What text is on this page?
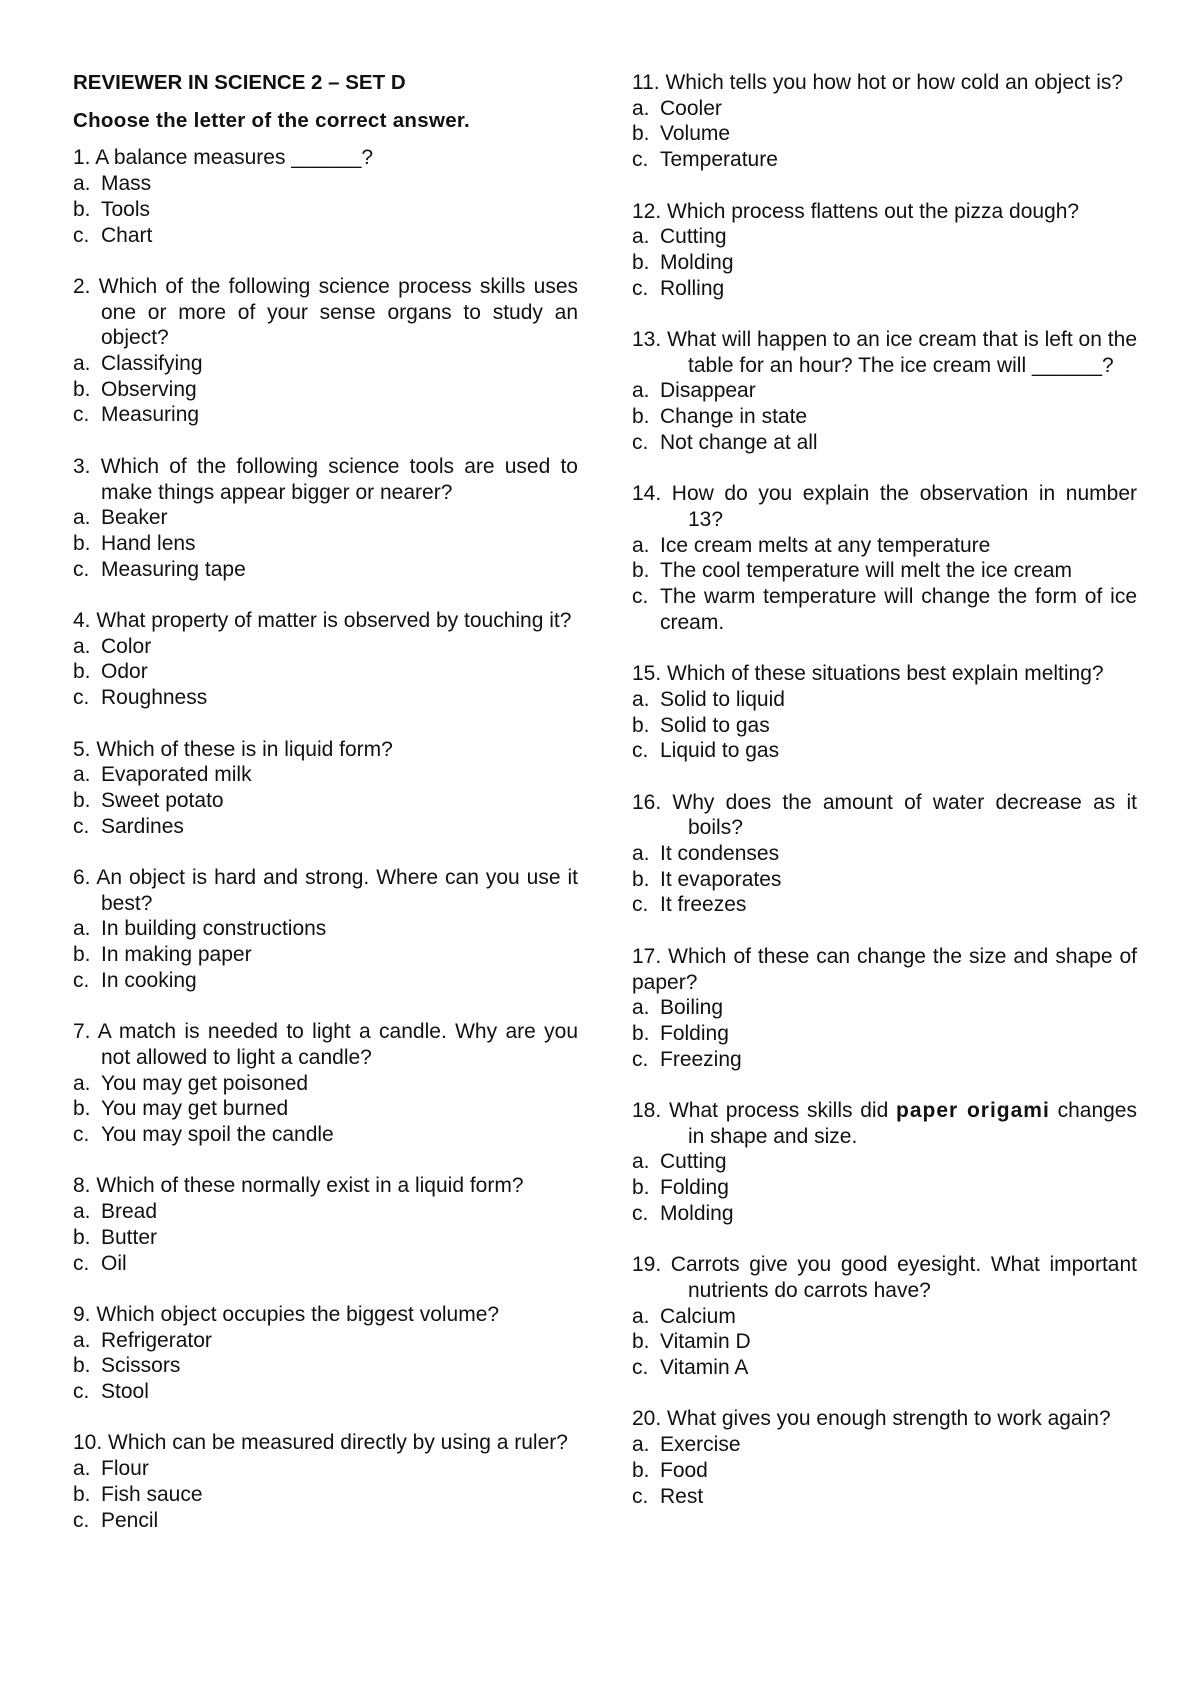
REVIEWER IN SCIENCE 2 – SET D
Choose the letter of the correct answer.
1. A balance measures ______?
a. Mass
b. Tools
c. Chart
2. Which of the following science process skills uses one or more of your sense organs to study an object?
a. Classifying
b. Observing
c. Measuring
3. Which of the following science tools are used to make things appear bigger or nearer?
a. Beaker
b. Hand lens
c. Measuring tape
4. What property of matter is observed by touching it?
a. Color
b. Odor
c. Roughness
5. Which of these is in liquid form?
a. Evaporated milk
b. Sweet potato
c. Sardines
6. An object is hard and strong. Where can you use it best?
a. In building constructions
b. In making paper
c. In cooking
7. A match is needed to light a candle. Why are you not allowed to light a candle?
a. You may get poisoned
b. You may get burned
c. You may spoil the candle
8. Which of these normally exist in a liquid form?
a. Bread
b. Butter
c. Oil
9. Which object occupies the biggest volume?
a. Refrigerator
b. Scissors
c. Stool
10. Which can be measured directly by using a ruler?
a. Flour
b. Fish sauce
c. Pencil
11. Which tells you how hot or how cold an object is?
a. Cooler
b. Volume
c. Temperature
12. Which process flattens out the pizza dough?
a. Cutting
b. Molding
c. Rolling
13. What will happen to an ice cream that is left on the table for an hour? The ice cream will ______?
a. Disappear
b. Change in state
c. Not change at all
14. How do you explain the observation in number 13?
a. Ice cream melts at any temperature
b. The cool temperature will melt the ice cream
c. The warm temperature will change the form of ice cream.
15. Which of these situations best explain melting?
a. Solid to liquid
b. Solid to gas
c. Liquid to gas
16. Why does the amount of water decrease as it boils?
a. It condenses
b. It evaporates
c. It freezes
17. Which of these can change the size and shape of paper?
a. Boiling
b. Folding
c. Freezing
18. What process skills did paper origami changes in shape and size.
a. Cutting
b. Folding
c. Molding
19. Carrots give you good eyesight. What important nutrients do carrots have?
a. Calcium
b. Vitamin D
c. Vitamin A
20. What gives you enough strength to work again?
a. Exercise
b. Food
c. Rest
